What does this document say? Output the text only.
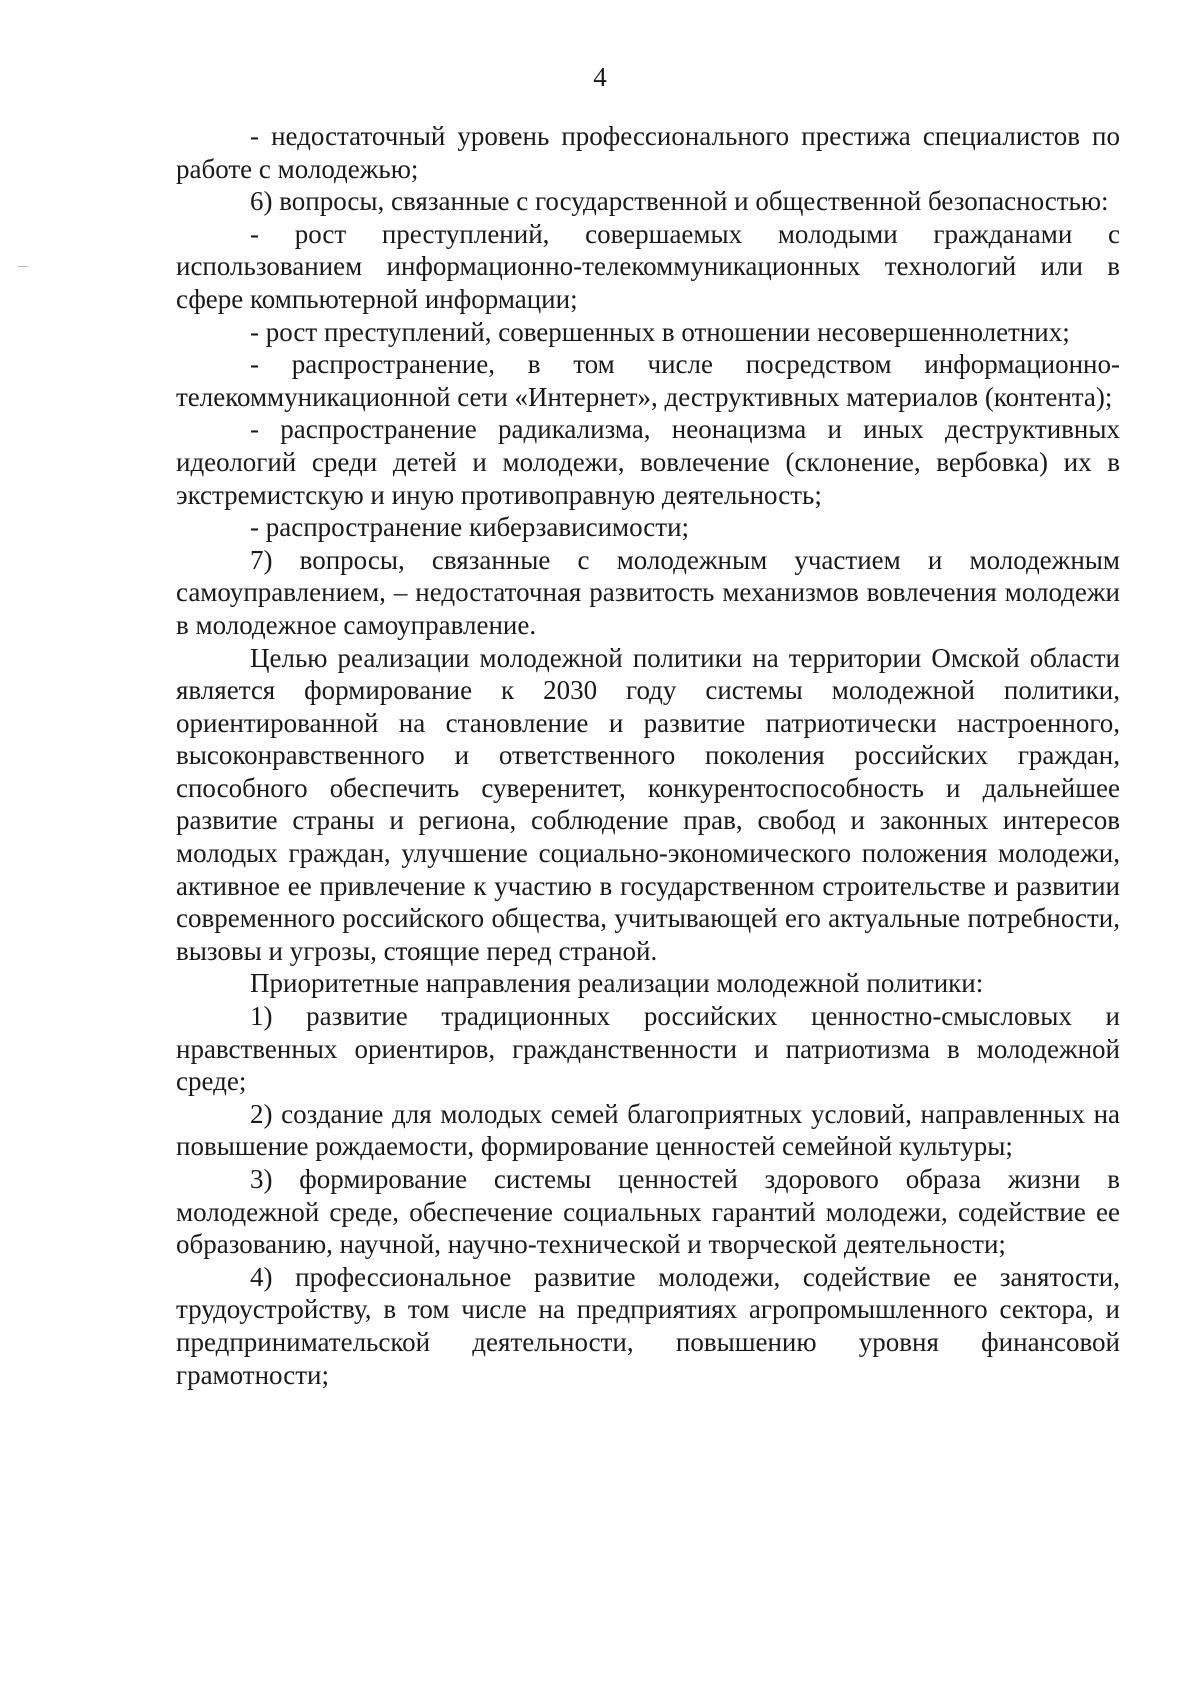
4

- недостаточный уровень профессионального престижа специалистов по работе с молодежью;

6) вопросы, связанные с государственной и общественной безопасностью:

- рост преступлений, совершаемых молодыми гражданами с использованием информационно-телекоммуникационных технологий или в сфере компьютерной информации;

- рост преступлений, совершенных в отношении несовершеннолетних;

- распространение, в том числе посредством информационно-телекоммуникационной сети «Интернет», деструктивных материалов (контента);

- распространение радикализма, неонацизма и иных деструктивных идеологий среди детей и молодежи, вовлечение (склонение, вербовка) их в экстремистскую и иную противоправную деятельность;

- распространение киберзависимости;

7) вопросы, связанные с молодежным участием и молодежным самоуправлением, – недостаточная развитость механизмов вовлечения молодежи в молодежное самоуправление.

Целью реализации молодежной политики на территории Омской области является формирование к 2030 году системы молодежной политики, ориентированной на становление и развитие патриотически настроенного, высоконравственного и ответственного поколения российских граждан, способного обеспечить суверенитет, конкурентоспособность и дальнейшее развитие страны и региона, соблюдение прав, свобод и законных интересов молодых граждан, улучшение социально-экономического положения молодежи, активное ее привлечение к участию в государственном строительстве и развитии современного российского общества, учитывающей его актуальные потребности, вызовы и угрозы, стоящие перед страной.

Приоритетные направления реализации молодежной политики:

1) развитие традиционных российских ценностно-смысловых и нравственных ориентиров, гражданственности и патриотизма в молодежной среде;

2) создание для молодых семей благоприятных условий, направленных на повышение рождаемости, формирование ценностей семейной культуры;

3) формирование системы ценностей здорового образа жизни в молодежной среде, обеспечение социальных гарантий молодежи, содействие ее образованию, научной, научно-технической и творческой деятельности;

4) профессиональное развитие молодежи, содействие ее занятости, трудоустройству, в том числе на предприятиях агропромышленного сектора, и предпринимательской деятельности, повышению уровня финансовой грамотности;
